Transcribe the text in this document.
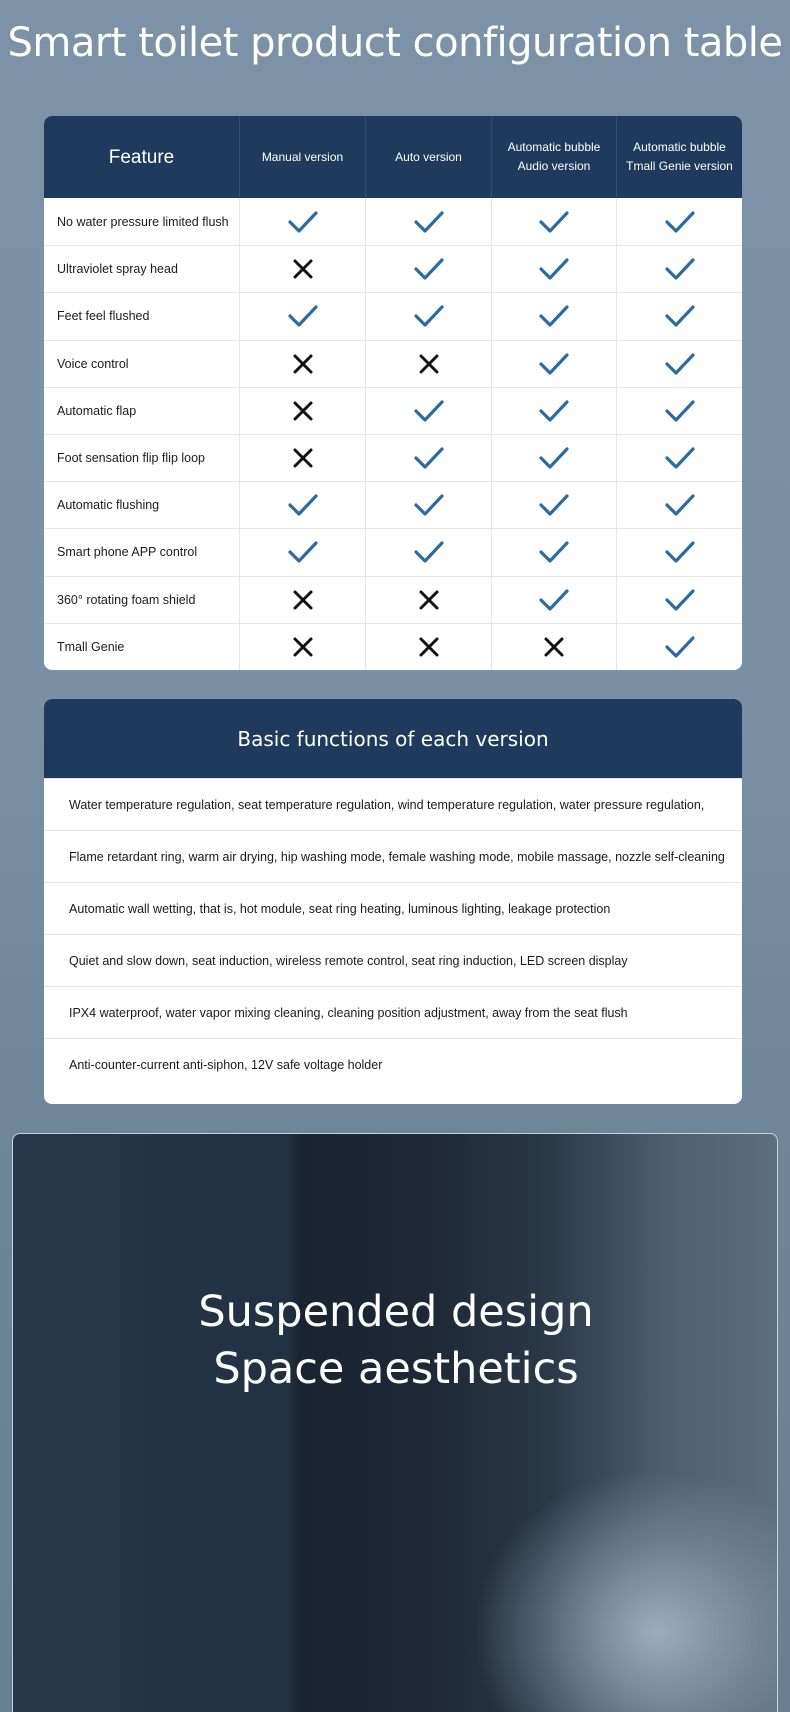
Smart toilet product configuration table
Feature	Manual version	Auto version
Automatic bubble
Audio version
Automatic bubble
Tmall Genie version
No water pressure limited flush
Ultraviolet spray head
Feet feel flushed
Voice control
Automatic flap
Foot sensation flip flip loop
Automatic flushing
Smart phone APP control
360° rotating foam shield
Tmall Genie
Basic functions of each version
Water temperature regulation, seat temperature regulation, wind temperature regulation, water pressure regulation,
Flame retardant ring, warm air drying, hip washing mode, female washing mode, mobile massage, nozzle self-cleaning
Automatic wall wetting, that is, hot module, seat ring heating, luminous lighting, leakage protection
Quiet and slow down, seat induction, wireless remote control, seat ring induction, LED screen display
IPX4 waterproof, water vapor mixing cleaning, cleaning position adjustment, away from the seat flush
Anti-counter-current anti-siphon, 12V safe voltage holder
Suspended design
Space aesthetics
